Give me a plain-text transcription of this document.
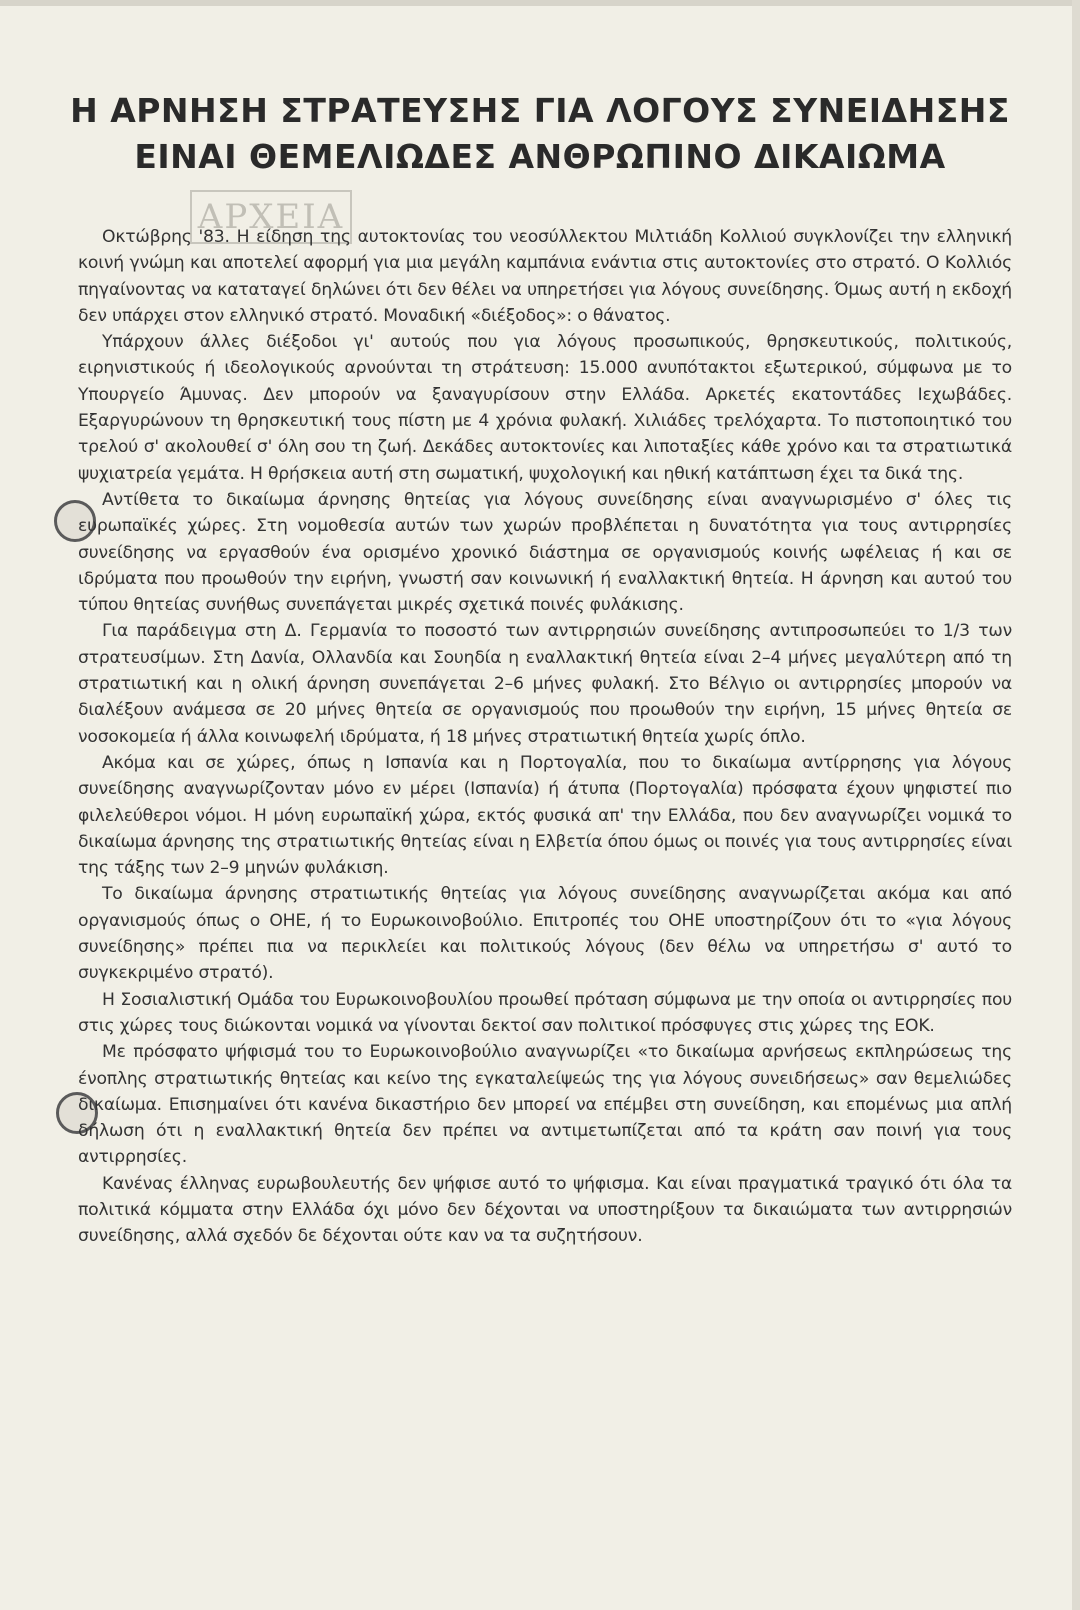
Η ΑΡΝΗΣΗ ΣΤΡΑΤΕΥΣΗΣ ΓΙΑ ΛΟΓΟΥΣ ΣΥΝΕΙΔΗΣΗΣ
ΕΙΝΑΙ ΘΕΜΕΛΙΩΔΕΣ ΑΝΘΡΩΠΙΝΟ ΔΙΚΑΙΩΜΑ
ΑΡΧΕΙΑ

Οκτώβρης '83. Η είδηση της αυτοκτονίας του νεοσύλλεκτου Μιλτιάδη Κολλιού συγκλονίζει την ελληνική κοινή γνώμη και αποτελεί αφορμή για μια μεγάλη καμπάνια ενάντια στις αυτοκτονίες στο στρατό. Ο Κολλιός πηγαίνοντας να καταταγεί δηλώνει ότι δεν θέλει να υπηρετήσει για λόγους συνείδησης. Όμως αυτή η εκδοχή δεν υπάρχει στον ελληνικό στρατό. Μοναδική «διέξοδος»: ο θάνατος.

Υπάρχουν άλλες διέξοδοι γι' αυτούς που για λόγους προσωπικούς, θρησκευτικούς, πολιτικούς, ειρηνιστικούς ή ιδεολογικούς αρνούνται τη στράτευση: 15.000 ανυπότακτοι εξωτερικού, σύμφωνα με το Υπουργείο Άμυνας. Δεν μπορούν να ξαναγυρίσουν στην Ελλάδα. Αρκετές εκατοντάδες Ιεχωβάδες. Εξαργυρώνουν τη θρησκευτική τους πίστη με 4 χρόνια φυλακή. Χιλιάδες τρελόχαρτα. Το πιστοποιητικό του τρελού σ' ακολουθεί σ' όλη σου τη ζωή. Δεκάδες αυτοκτονίες και λιποταξίες κάθε χρόνο και τα στρατιωτικά ψυχιατρεία γεμάτα. Η θρήσκεια αυτή στη σωματική, ψυχολογική και ηθική κατάπτωση έχει τα δικά της.

Αντίθετα το δικαίωμα άρνησης θητείας για λόγους συνείδησης είναι αναγνωρισμένο σ' όλες τις ευρωπαϊκές χώρες. Στη νομοθεσία αυτών των χωρών προβλέπεται η δυνατότητα για τους αντιρρησίες συνείδησης να εργασθούν ένα ορισμένο χρονικό διάστημα σε οργανισμούς κοινής ωφέλειας ή και σε ιδρύματα που προωθούν την ειρήνη, γνωστή σαν κοινωνική ή εναλλακτική θητεία. Η άρνηση και αυτού του τύπου θητείας συνήθως συνεπάγεται μικρές σχετικά ποινές φυλάκισης.

Για παράδειγμα στη Δ. Γερμανία το ποσοστό των αντιρρησιών συνείδησης αντιπροσωπεύει το 1/3 των στρατευσίμων. Στη Δανία, Ολλανδία και Σουηδία η εναλλακτική θητεία είναι 2–4 μήνες μεγαλύτερη από τη στρατιωτική και η ολική άρνηση συνεπάγεται 2–6 μήνες φυλακή. Στο Βέλγιο οι αντιρρησίες μπορούν να διαλέξουν ανάμεσα σε 20 μήνες θητεία σε οργανισμούς που προωθούν την ειρήνη, 15 μήνες θητεία σε νοσοκομεία ή άλλα κοινωφελή ιδρύματα, ή 18 μήνες στρατιωτική θητεία χωρίς όπλο.

Ακόμα και σε χώρες, όπως η Ισπανία και η Πορτογαλία, που το δικαίωμα αντίρρησης για λόγους συνείδησης αναγνωρίζονταν μόνο εν μέρει (Ισπανία) ή άτυπα (Πορτογαλία) πρόσφατα έχουν ψηφιστεί πιο φιλελεύθεροι νόμοι. Η μόνη ευρωπαϊκή χώρα, εκτός φυσικά απ' την Ελλάδα, που δεν αναγνωρίζει νομικά το δικαίωμα άρνησης της στρατιωτικής θητείας είναι η Ελβετία όπου όμως οι ποινές για τους αντιρρησίες είναι της τάξης των 2–9 μηνών φυλάκιση.

Το δικαίωμα άρνησης στρατιωτικής θητείας για λόγους συνείδησης αναγνωρίζεται ακόμα και από οργανισμούς όπως ο ΟΗΕ, ή το Ευρωκοινοβούλιο. Επιτροπές του ΟΗΕ υποστηρίζουν ότι το «για λόγους συνείδησης» πρέπει πια να περικλείει και πολιτικούς λόγους (δεν θέλω να υπηρετήσω σ' αυτό το συγκεκριμένο στρατό).

Η Σοσιαλιστική Ομάδα του Ευρωκοινοβουλίου προωθεί πρόταση σύμφωνα με την οποία οι αντιρρησίες που στις χώρες τους διώκονται νομικά να γίνονται δεκτοί σαν πολιτικοί πρόσφυγες στις χώρες της ΕΟΚ.

Με πρόσφατο ψήφισμά του το Ευρωκοινοβούλιο αναγνωρίζει «το δικαίωμα αρνήσεως εκπληρώσεως της ένοπλης στρατιωτικής θητείας και κείνο της εγκαταλείψεώς της για λόγους συνειδήσεως» σαν θεμελιώδες δικαίωμα. Επισημαίνει ότι κανένα δικαστήριο δεν μπορεί να επέμβει στη συνείδηση, και επομένως μια απλή δήλωση ότι η εναλλακτική θητεία δεν πρέπει να αντιμετωπίζεται από τα κράτη σαν ποινή για τους αντιρρησίες.

Κανένας έλληνας ευρωβουλευτής δεν ψήφισε αυτό το ψήφισμα. Και είναι πραγματικά τραγικό ότι όλα τα πολιτικά κόμματα στην Ελλάδα όχι μόνο δεν δέχονται να υποστηρίξουν τα δικαιώματα των αντιρρησιών συνείδησης, αλλά σχεδόν δε δέχονται ούτε καν να τα συζητήσουν.
